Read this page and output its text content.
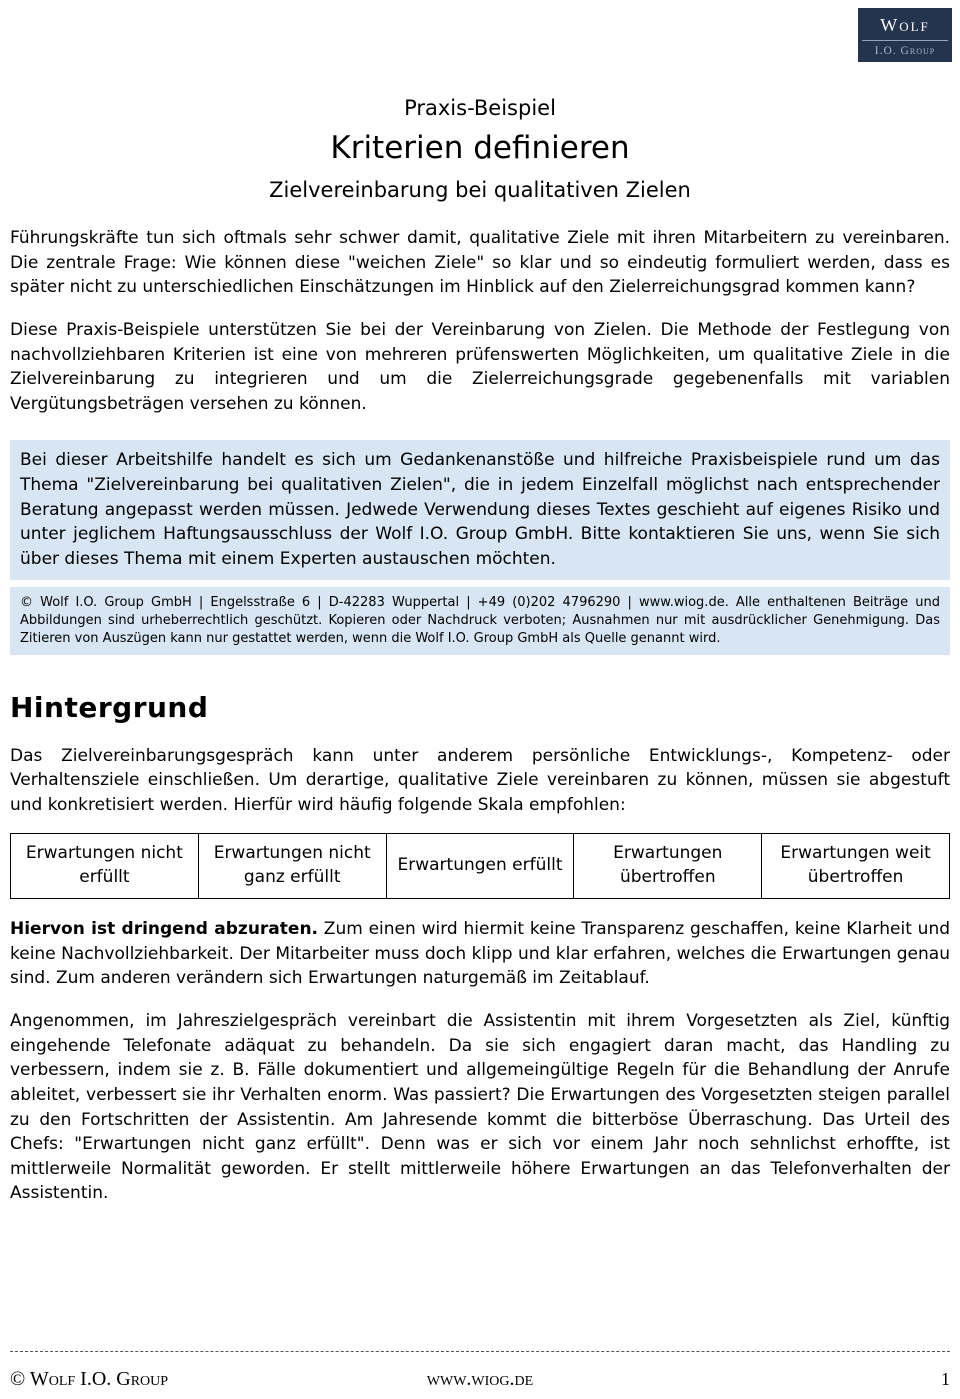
Wolf
I.O. Group
Praxis-Beispiel
Kriterien definieren
Zielvereinbarung bei qualitativen Zielen

Führungskräfte tun sich oftmals sehr schwer damit, qualitative Ziele mit ihren Mitarbeitern zu vereinbaren. Die zentrale Frage: Wie können diese "weichen Ziele" so klar und so eindeutig formuliert werden, dass es später nicht zu unterschiedlichen Einschätzungen im Hinblick auf den Zielerreichungsgrad kommen kann?

Diese Praxis-Beispiele unterstützen Sie bei der Vereinbarung von Zielen. Die Methode der Festlegung von nachvollziehbaren Kriterien ist eine von mehreren prüfenswerten Möglichkeiten, um qualitative Ziele in die Zielvereinbarung zu integrieren und um die Zielerreichungsgrade gegebenenfalls mit variablen Vergütungsbeträgen versehen zu können.

Bei dieser Arbeitshilfe handelt es sich um Gedankenanstöße und hilfreiche Praxisbeispiele rund um das Thema "Zielvereinbarung bei qualitativen Zielen", die in jedem Einzelfall möglichst nach entsprechender Beratung angepasst werden müssen. Jedwede Verwendung dieses Textes geschieht auf eigenes Risiko und unter jeglichem Haftungsausschluss der Wolf I.O. Group GmbH. Bitte kontaktieren Sie uns, wenn Sie sich über dieses Thema mit einem Experten austauschen möchten.
© Wolf I.O. Group GmbH | Engelsstraße 6 | D-42283 Wuppertal | +49 (0)202 4796290 | www.wiog.de. Alle enthaltenen Beiträge und Abbildungen sind urheberrechtlich geschützt. Kopieren oder Nachdruck verboten; Ausnahmen nur mit ausdrücklicher Genehmigung. Das Zitieren von Auszügen kann nur gestattet werden, wenn die Wolf I.O. Group GmbH als Quelle genannt wird.
Hintergrund

Das Zielvereinbarungsgespräch kann unter anderem persönliche Entwicklungs-, Kompetenz- oder Verhaltensziele einschließen. Um derartige, qualitative Ziele vereinbaren zu können, müssen sie abgestuft und konkretisiert werden. Hierfür wird häufig folgende Skala empfohlen:

Erwartungen nicht erfüllt	Erwartungen nicht ganz erfüllt	Erwartungen erfüllt	Erwartungen übertroffen	Erwartungen weit übertroffen

Hiervon ist dringend abzuraten. Zum einen wird hiermit keine Transparenz geschaffen, keine Klarheit und keine Nachvollziehbarkeit. Der Mitarbeiter muss doch klipp und klar erfahren, welches die Erwartungen genau sind. Zum anderen verändern sich Erwartungen naturgemäß im Zeitablauf.

Angenommen, im Jahreszielgespräch vereinbart die Assistentin mit ihrem Vorgesetzten als Ziel, künftig eingehende Telefonate adäquat zu behandeln. Da sie sich engagiert daran macht, das Handling zu verbessern, indem sie z. B. Fälle dokumentiert und allgemeingültige Regeln für die Behandlung der Anrufe ableitet, verbessert sie ihr Verhalten enorm. Was passiert? Die Erwartungen des Vorgesetzten steigen parallel zu den Fortschritten der Assistentin. Am Jahresende kommt die bitterböse Überraschung. Das Urteil des Chefs: "Erwartungen nicht ganz erfüllt". Denn was er sich vor einem Jahr noch sehnlichst erhoffte, ist mittlerweile Normalität geworden. Er stellt mittlerweile höhere Erwartungen an das Telefonverhalten der Assistentin.

© Wolf I.O. Group	www.wiog.de	1
